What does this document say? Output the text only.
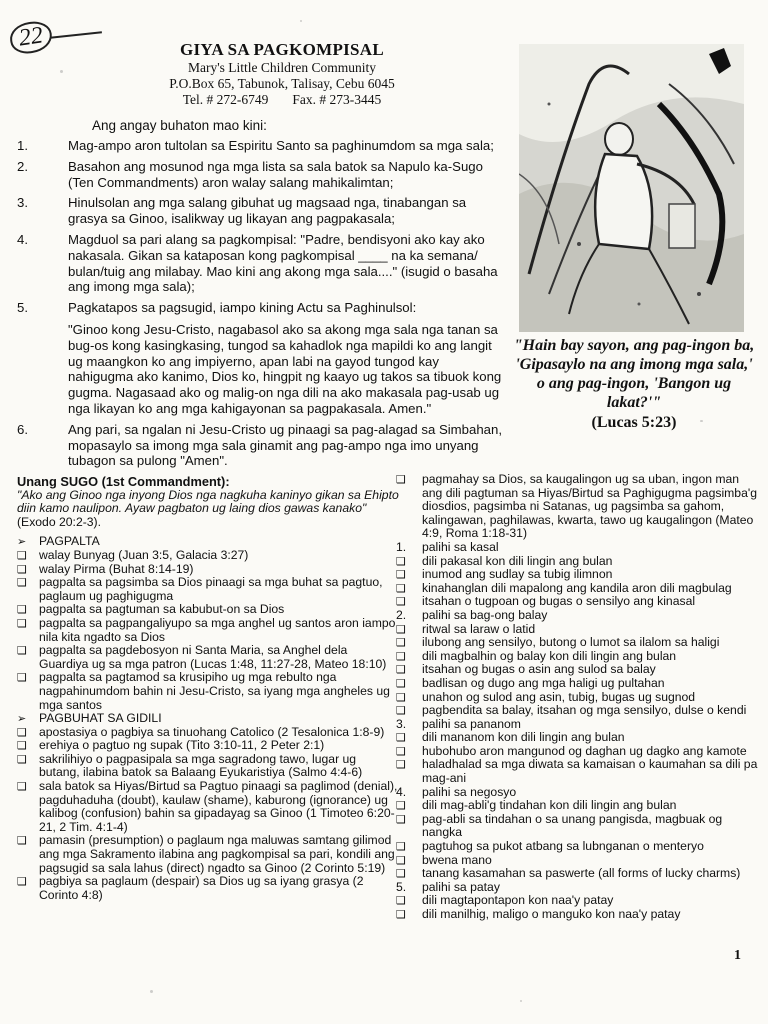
22	GIYA SA PAGKOMPISAL
Mary's Little Children Community
P.O.Box 65, Tabunok, Talisay, Cebu 6045
Tel. # 272-6749 Fax. # 273-3445
Ang angay buhaton mao kini:
1.	Mag-ampo aron tultolan sa Espiritu Santo sa paghinumdom sa mga sala;
2.	Basahon ang mosunod nga mga lista sa sala batok sa Napulo ka-Sugo (Ten Commandments) aron walay salang mahikalimtan;
3.	Hinulsolan ang mga salang gibuhat ug magsaad nga, tinabangan sa grasya sa Ginoo, isalikway ug likayan ang pagpakasala;
4.	Magduol sa pari alang sa pagkompisal: "Padre, bendisyoni ako kay ako nakasala. Gikan sa kataposan kong pagkompisal ____ na ka semana/ bulan/tuig ang milabay. Mao kini ang akong mga sala...." (isugid o basaha ang imong mga sala);
5.	Pagkatapos sa pagsugid, iampo kining Actu sa Paghinulsol:
"Ginoo kong Jesu-Cristo, nagabasol ako sa akong mga sala nga tanan sa bug-os kong kasingkasing, tungod sa kahadlok nga mapildi ko ang langit ug maangkon ko ang impiyerno, apan labi na gayod tungod kay nahigugma ako kanimo, Dios ko, hingpit ng kaayo ug takos sa tibuok kong gugma. Nagasaad ako og malig-on nga dili na ako makasala pag-usab ug nga likayan ko ang mga kahigayonan sa pagpakasala. Amen."
6.	Ang pari, sa ngalan ni Jesu-Cristo ug pinaagi sa pag-alagad sa Simbahan, mopasaylo sa imong mga sala ginamit ang pag-ampo nga imo unyang tubagon sa pulong "Amen".
"Hain bay sayon, ang pag-ingon ba, 'Gipasaylo na ang imong mga sala,' o ang pag-ingon, 'Bangon ug lakat?'"
(Lucas 5:23)
Unang SUGO (1st Commandment):
"Ako ang Ginoo nga inyong Dios nga nagkuha kaninyo gikan sa Ehipto diin kamo naulipon. Ayaw pagbaton ug laing dios gawas kanako" (Exodo 20:2-3).
➢	PAGPALTA
❑ walay Bunyag (Juan 3:5, Galacia 3:27)
❑ walay Pirma (Buhat 8:14-19)
❑ pagpalta sa pagsimba sa Dios pinaagi sa mga buhat sa pagtuo, paglaum ug paghigugma
❑ pagpalta sa pagtuman sa kabubut-on sa Dios
❑ pagpalta sa pagpangaliyupo sa mga anghel ug santos aron iampo nila kita ngadto sa Dios
❑ pagpalta sa pagdebosyon ni Santa Maria, sa Anghel dela Guardiya ug sa mga patron (Lucas 1:48, 11:27-28, Mateo 18:10)
❑ pagpalta sa pagtamod sa krusipiho ug mga rebulto nga nagpahinumdom bahin ni Jesu-Cristo, sa iyang mga angheles ug mga santos
➢	PAGBUHAT SA GIDILI
❑ apostasiya o pagbiya sa tinuohang Catolico (2 Tesalonica 1:8-9)
❑ erehiya o pagtuo ng supak (Tito 3:10-11, 2 Peter 2:1)
❑ sakrilihiyo o pagpasipala sa mga sagradong tawo, lugar ug butang, ilabina batok sa Balaang Eyukaristiya (Salmo 4:4-6)
❑ sala batok sa Hiyas/Birtud sa Pagtuo pinaagi sa paglimod (denial), pagduhaduha (doubt), kaulaw (shame), kaburong (ignorance) ug kalibog (confusion) bahin sa gipadayag sa Ginoo (1 Timoteo 6:20-21, 2 Tim. 4:1-4)
❑ pamasin (presumption) o paglaum nga maluwas samtang gilimod ang mga Sakramento ilabina ang pagkompisal sa pari, kondili ang pagsugid sa sala lahus (direct) ngadto sa Ginoo (2 Corinto 5:19)
❑ pagbiya sa paglaum (despair) sa Dios ug sa iyang grasya (2 Corinto 4:8)
❑	pagmahay sa Dios, sa kaugalingon ug sa uban, ingon man ang dili pagtuman sa Hiyas/Birtud sa Paghigugma pagsimba'g diosdios, pagsimba ni Satanas, ug pagsimba sa gahom, kalingawan, paghilawas, kwarta, tawo ug kaugalingon (Mateo 4:9, Roma 1:18-31)
1.	palihi sa kasal
❑	dili pakasal kon dili lingin ang bulan
❑	inumod ang sudlay sa tubig ilimnon
❑	kinahanglan dili mapalong ang kandila aron dili magbulag
❑	itsahan o tugpoan og bugas o sensilyo ang kinasal
2.	palihi sa bag-ong balay
❑	ritwal sa laraw o latid
❑	ilubong ang sensilyo, butong o lumot sa ilalom sa haligi
❑	dili magbalhin og balay kon dili lingin ang bulan
❑	itsahan og bugas o asin ang sulod sa balay
❑	badlisan og dugo ang mga haligi ug pultahan
❑	unahon og sulod ang asin, tubig, bugas ug sugnod
❑	pagbendita sa balay, itsahan og mga sensilyo, dulse o kendi
3.	palihi sa pananom
❑	dili mananom kon dili lingin ang bulan
❑	hubohubo aron mangunod og daghan ug dagko ang kamote
❑	haladhalad sa mga diwata sa kamaisan o kaumahan sa dili pa mag-ani
4.	palihi sa negosyo
❑	dili mag-abli'g tindahan kon dili lingin ang bulan
❑	pag-abli sa tindahan o sa unang pangisda, magbuak og nangka
❑	pagtuhog sa pukot atbang sa lubnganan o menteryo
❑	bwena mano
❑	tanang kasamahan sa paswerte (all forms of lucky charms)
5.	palihi sa patay
❑	dili magtapontapon kon naa'y patay
❑	dili manilhig, maligo o manguko kon naa'y patay
1
